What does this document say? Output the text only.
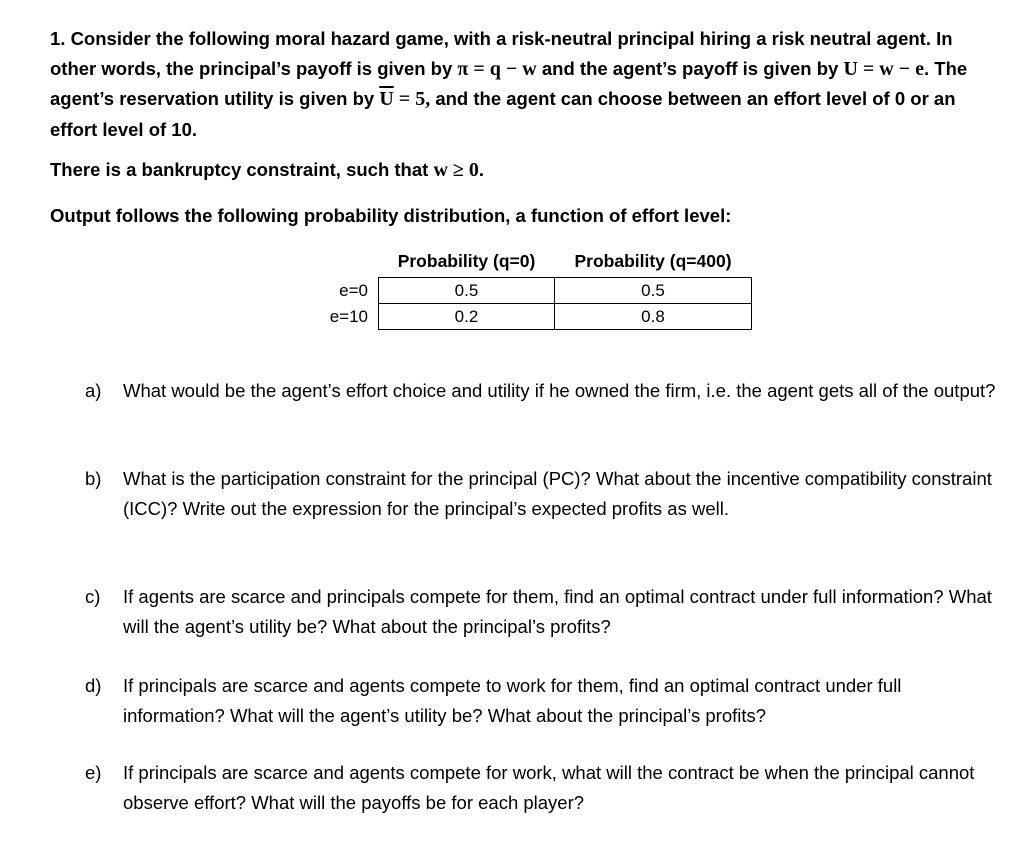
1. Consider the following moral hazard game, with a risk-neutral principal hiring a risk neutral agent. In other words, the principal’s payoff is given by π = q − w and the agent’s payoff is given by U = w − e. The agent’s reservation utility is given by $\overline{U} = 5$, and the agent can choose between an effort level of 0 or an effort level of 10.

There is a bankruptcy constraint, such that w ≥ 0.
Output follows the following probability distribution, a function of effort level:
	Probability (q=0)	Probability (q=400)
e=0	0.5	0.5
e=10	0.2	0.8
a) What would be the agent’s effort choice and utility if he owned the firm, i.e. the agent gets all of the output?
b) What is the participation constraint for the principal (PC)? What about the incentive compatibility constraint (ICC)? Write out the expression for the principal’s expected profits as well.
c) If agents are scarce and principals compete for them, find an optimal contract under full information? What will the agent’s utility be? What about the principal’s profits?
d) If principals are scarce and agents compete to work for them, find an optimal contract under full information? What will the agent’s utility be? What about the principal’s profits?
e) If principals are scarce and agents compete for work, what will the contract be when the principal cannot observe effort? What will the payoffs be for each player?
